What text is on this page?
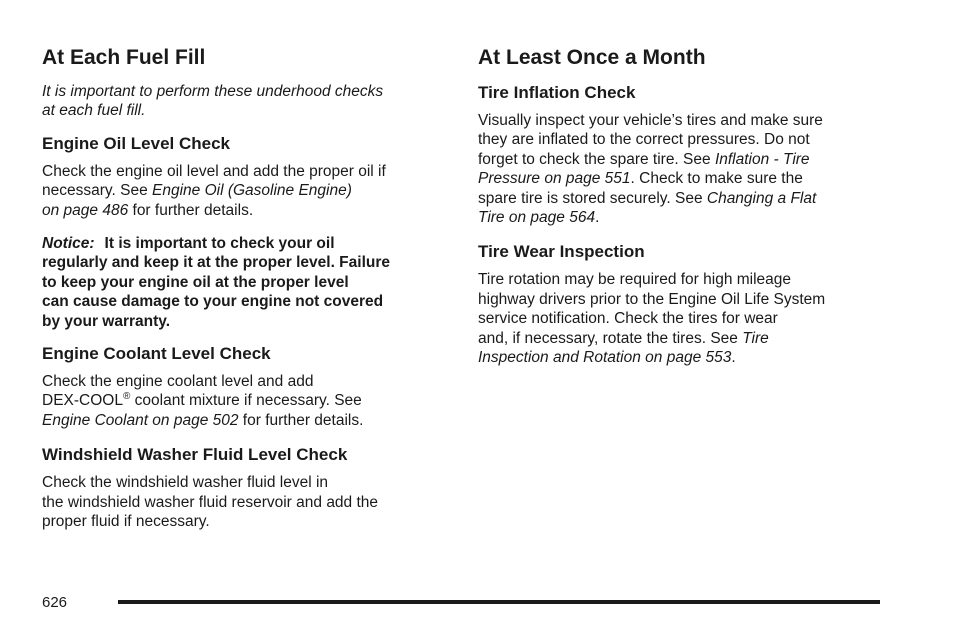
At Each Fuel Fill

It is important to perform these underhood checks
at each fuel fill.

Engine Oil Level Check

Check the engine oil level and add the proper oil if
necessary. See Engine Oil (Gasoline Engine)
on page 486 for further details.

Notice: It is important to check your oil
regularly and keep it at the proper level. Failure
to keep your engine oil at the proper level
can cause damage to your engine not covered
by your warranty.

Engine Coolant Level Check

Check the engine coolant level and add
DEX-COOL® coolant mixture if necessary. See
Engine Coolant on page 502 for further details.

Windshield Washer Fluid Level Check

Check the windshield washer fluid level in
the windshield washer fluid reservoir and add the
proper fluid if necessary.

At Least Once a Month
Tire Inflation Check

Visually inspect your vehicle’s tires and make sure
they are inflated to the correct pressures. Do not
forget to check the spare tire. See Inflation - Tire
Pressure on page 551. Check to make sure the
spare tire is stored securely. See Changing a Flat
Tire on page 564.

Tire Wear Inspection

Tire rotation may be required for high mileage
highway drivers prior to the Engine Oil Life System
service notification. Check the tires for wear
and, if necessary, rotate the tires. See Tire
Inspection and Rotation on page 553.

626
